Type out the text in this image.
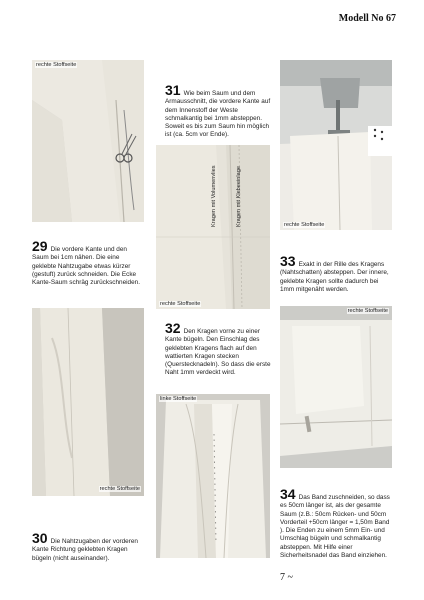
Modell No 67
rechte Stoffseite

31 Wie beim Saum und dem Armausschnitt, die vordere Kante auf dem Innenstoff der Weste schmalkantig bei 1mm absteppen. Soweit es bis zum Saum hin möglich ist (ca. 5cm vor Ende).

Kragen mit Volumenvlies	Kragen mit Klebeeinlage
rechte Stoffseite
rechte Stoffseite

29 Die vordere Kante und den Saum bei 1cm nähen. Die eine geklebte Nahtzugabe etwas kürzer (gestuft) zurück schneiden. Die Ecke Kante-Saum schräg zurückschneiden.

33 Exakt in der Rille des Kragens (Nahtschatten) absteppen. Der innere, geklebte Kragen sollte dadurch bei 1mm mitgenäht werden.

rechte Stoffseite

32 Den Kragen vorne zu einer Kante bügeln. Den Einschlag des geklebten Kragens flach auf den wattierten Kragen stecken (Querstecknadeln). So dass die erste Naht 1mm verdeckt wird.

rechte Stoffseite
linke Stoffseite

30 Die Nahtzugaben der vorderen Kante Richtung geklebten Kragen bügeln (nicht auseinander).

34 Das Band zuschneiden, so dass es 50cm länger ist, als der gesamte Saum (z.B.: 50cm Rücken- und 50cm Vorderteil +50cm länger = 1,50m Band ). Die Enden zu einem 5mm Ein- und Umschlag bügeln und schmalkantig absteppen. Mit Hilfe einer Sicherheitsnadel das Band einziehen.

7 ~
